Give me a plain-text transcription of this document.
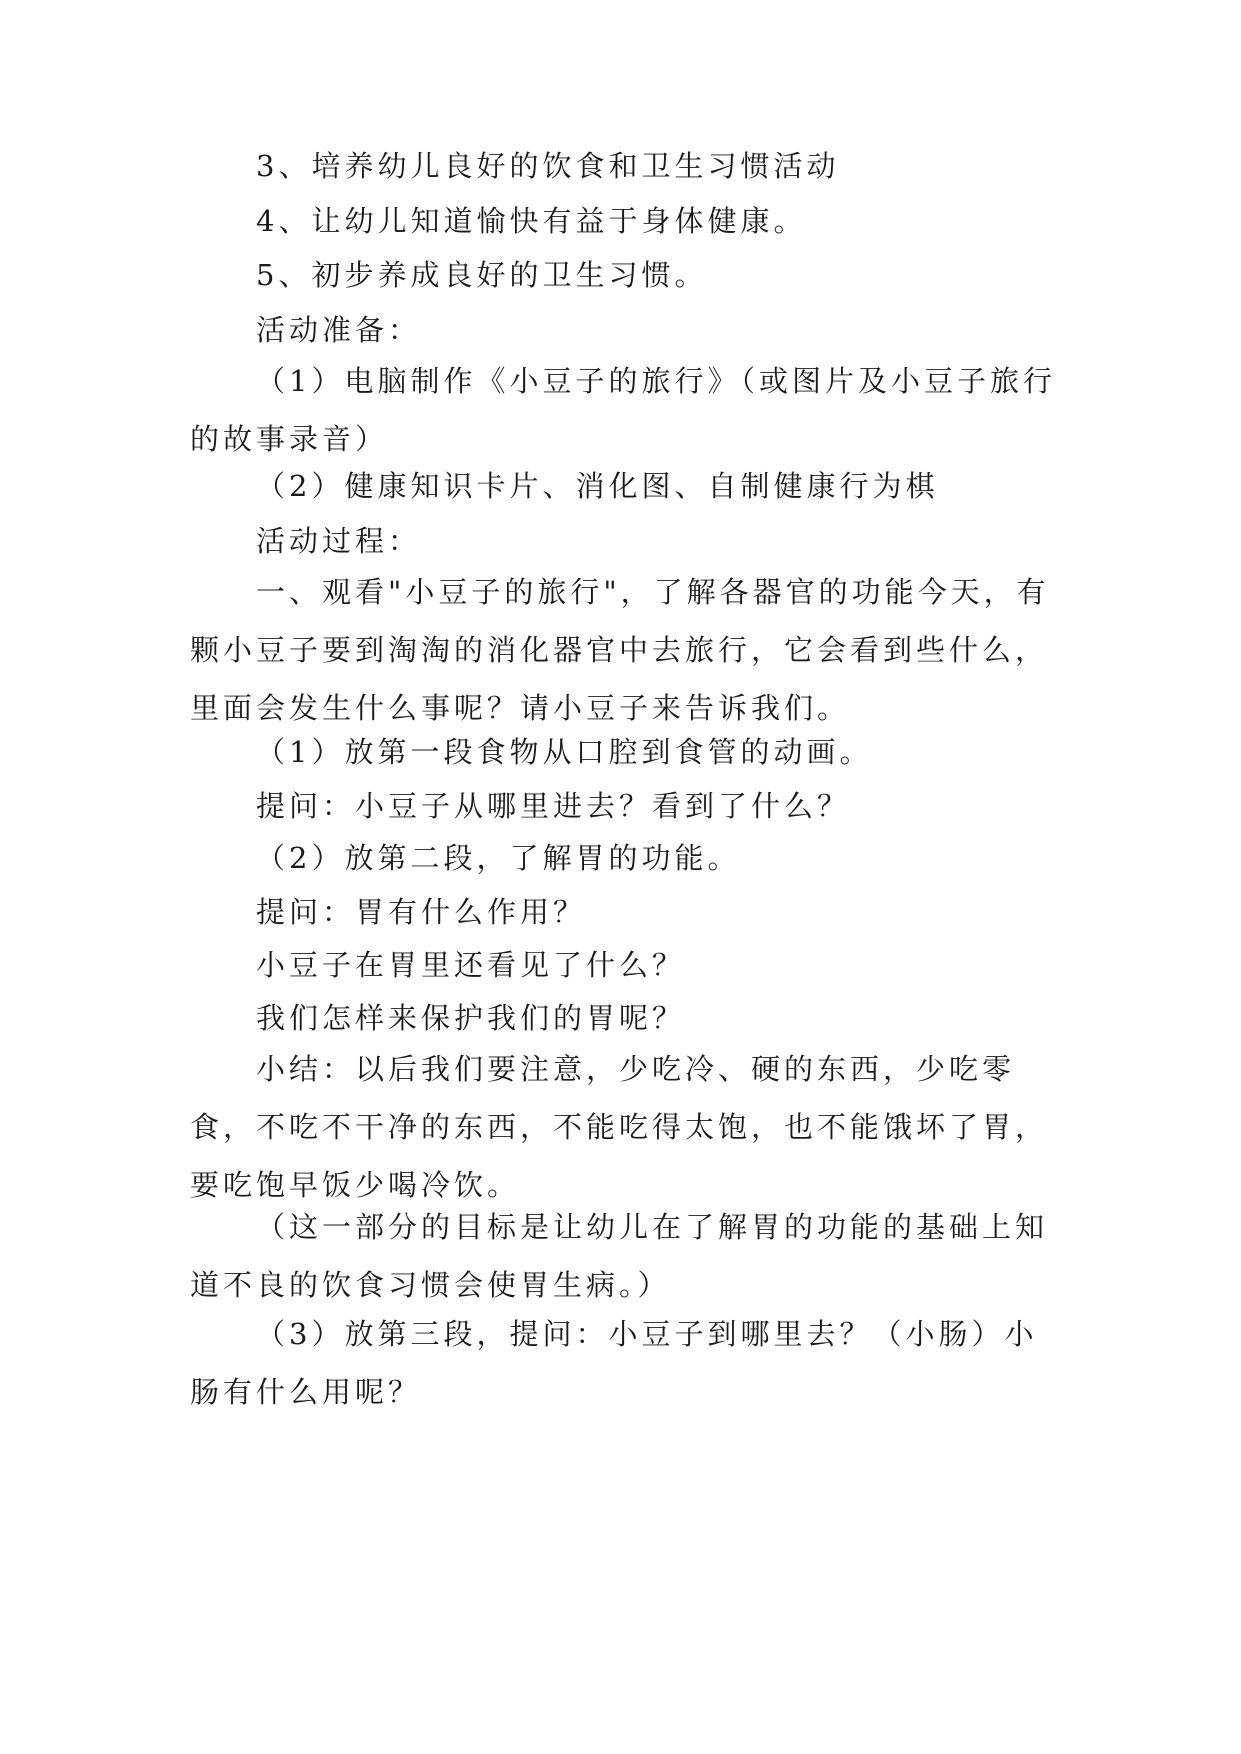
3、培养幼儿良好的饮食和卫生习惯活动

4、让幼儿知道愉快有益于身体健康。

5、初步养成良好的卫生习惯。

活动准备：

（1）电脑制作《小豆子的旅行》（或图片及小豆子旅行的故事录音）

（2）健康知识卡片、消化图、自制健康行为棋

活动过程：

一、观看"小豆子的旅行"，了解各器官的功能今天，有颗小豆子要到淘淘的消化器官中去旅行，它会看到些什么，里面会发生什么事呢？请小豆子来告诉我们。

（1）放第一段食物从口腔到食管的动画。

提问：小豆子从哪里进去？看到了什么？

（2）放第二段，了解胃的功能。

提问：胃有什么作用？

小豆子在胃里还看见了什么？

我们怎样来保护我们的胃呢？

小结：以后我们要注意，少吃冷、硬的东西，少吃零食，不吃不干净的东西，不能吃得太饱，也不能饿坏了胃，要吃饱早饭少喝冷饮。

（这一部分的目标是让幼儿在了解胃的功能的基础上知道不良的饮食习惯会使胃生病。）

（3）放第三段，提问：小豆子到哪里去？（小肠）小肠有什么用呢？
